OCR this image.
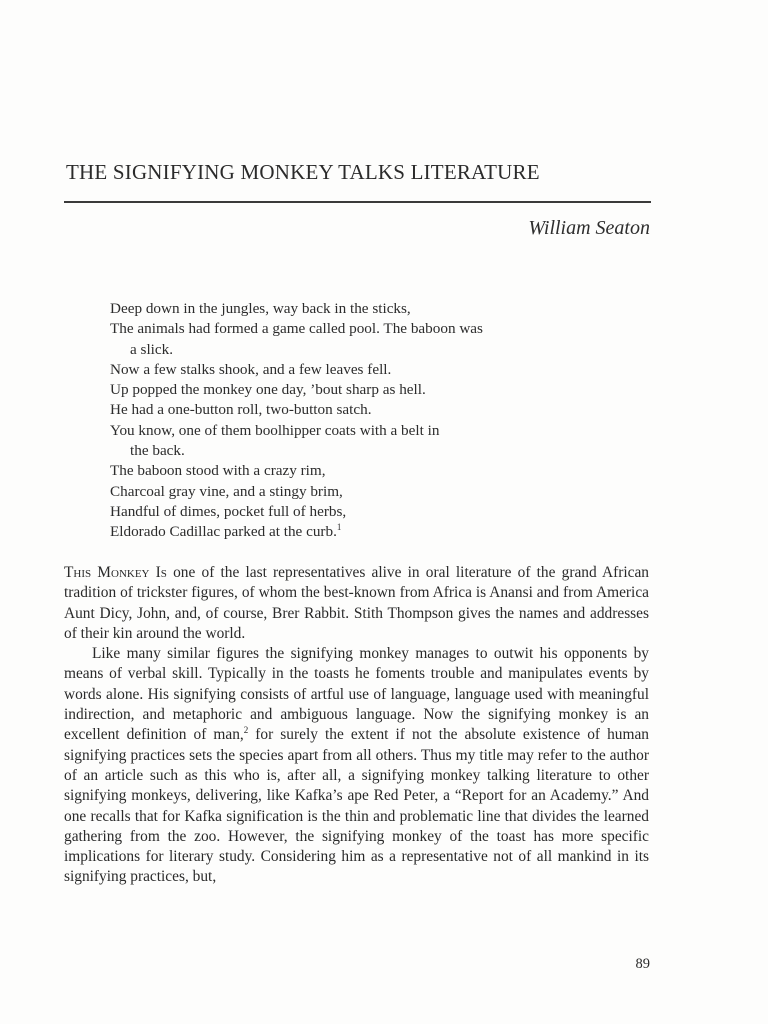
THE SIGNIFYING MONKEY TALKS LITERATURE
William Seaton
Deep down in the jungles, way back in the sticks,
The animals had formed a game called pool. The baboon was
a slick.
Now a few stalks shook, and a few leaves fell.
Up popped the monkey one day, ’bout sharp as hell.
He had a one-button roll, two-button satch.
You know, one of them boolhipper coats with a belt in
the back.
The baboon stood with a crazy rim,
Charcoal gray vine, and a stingy brim,
Handful of dimes, pocket full of herbs,
Eldorado Cadillac parked at the curb.$^1$

This Monkey Is one of the last representatives alive in oral literature of the grand African tradition of trickster figures, of whom the best-known from Africa is Anansi and from America Aunt Dicy, John, and, of course, Brer Rabbit. Stith Thompson gives the names and addresses of their kin around the world.

Like many similar figures the signifying monkey manages to outwit his opponents by means of verbal skill. Typically in the toasts he foments trouble and manipulates events by words alone. His signifying consists of artful use of language, language used with meaningful indirection, and metaphoric and ambiguous language. Now the signifying monkey is an excellent definition of man,$^2$ for surely the extent if not the absolute existence of human signifying practices sets the species apart from all others. Thus my title may refer to the author of an article such as this who is, after all, a signifying monkey talking literature to other signifying monkeys, delivering, like Kafka’s ape Red Peter, a “Report for an Academy.” And one recalls that for Kafka signification is the thin and problematic line that divides the learned gathering from the zoo. However, the signifying monkey of the toast has more specific implications for literary study. Considering him as a representative not of all mankind in its signifying practices, but,

89
